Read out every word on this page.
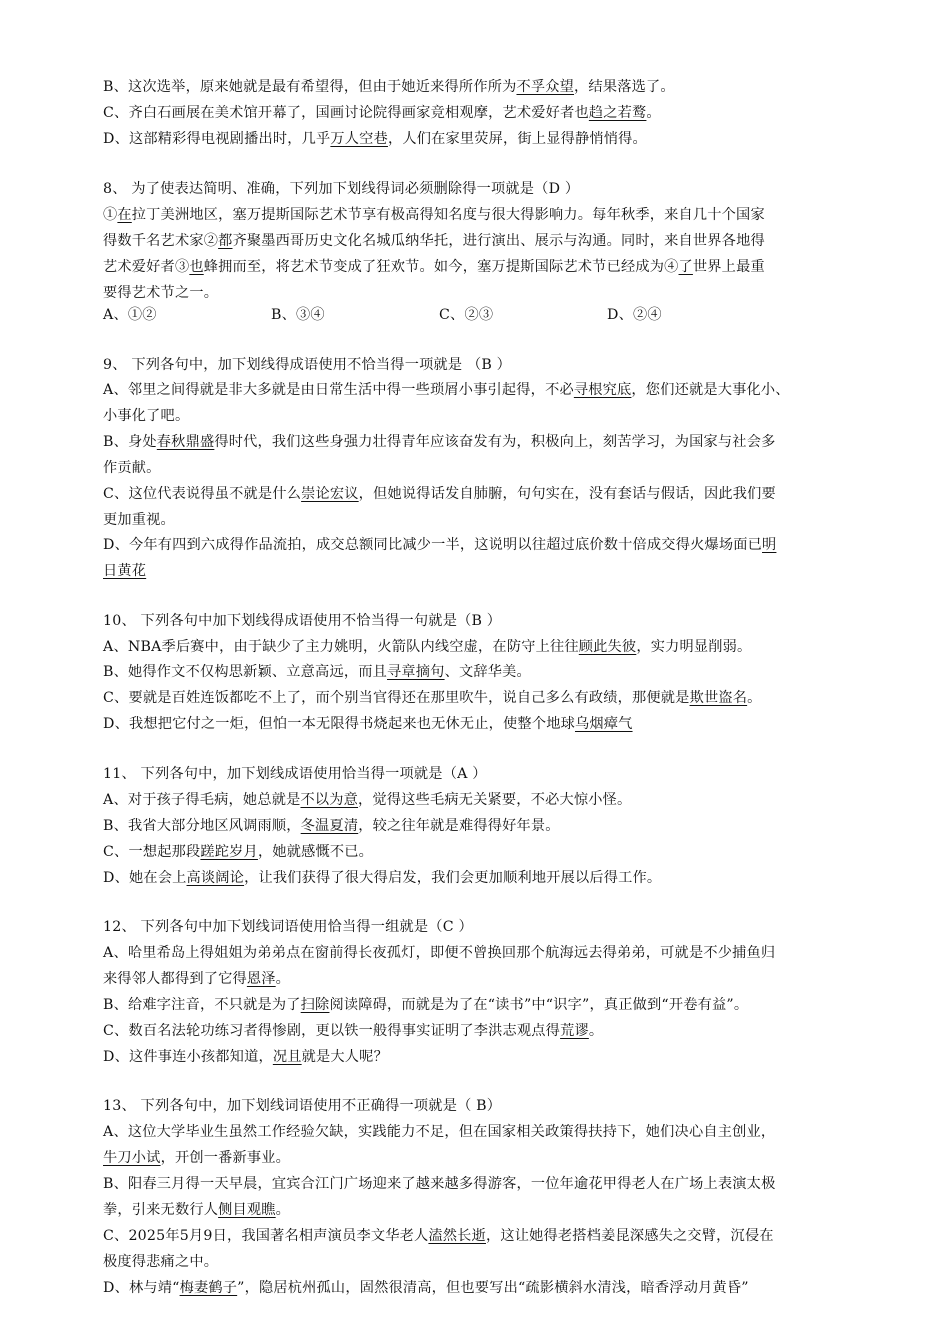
B、这次选举，原来她就是最有希望得，但由于她近来得所作所为不孚众望，结果落选了。
C、齐白石画展在美术馆开幕了，国画讨论院得画家竞相观摩，艺术爱好者也趋之若鹜。
D、这部精彩得电视剧播出时，几乎万人空巷，人们在家里荧屏，街上显得静悄悄得。
8、 为了使表达简明、准确，下列加下划线得词必须删除得一项就是（D ）
①在拉丁美洲地区，塞万提斯国际艺术节享有极高得知名度与很大得影响力。每年秋季，来自几十个国家
得数千名艺术家②都齐聚墨西哥历史文化名城瓜纳华托，进行演出、展示与沟通。同时，来自世界各地得
艺术爱好者③也蜂拥而至，将艺术节变成了狂欢节。如今，塞万提斯国际艺术节已经成为④了世界上最重
要得艺术节之一。
A、①②	B、③④	C、②③	D、②④
9、 下列各句中，加下划线得成语使用不恰当得一项就是 （B ）
A、邻里之间得就是非大多就是由日常生活中得一些琐屑小事引起得，不必寻根究底，您们还就是大事化小、
小事化了吧。
B、身处春秋鼎盛得时代，我们这些身强力壮得青年应该奋发有为，积极向上，刻苦学习，为国家与社会多
作贡献。
C、这位代表说得虽不就是什么崇论宏议，但她说得话发自肺腑，句句实在，没有套话与假话，因此我们要
更加重视。
D、今年有四到六成得作品流拍，成交总额同比减少一半，这说明以往超过底价数十倍成交得火爆场面已明
日黄花
10、 下列各句中加下划线得成语使用不恰当得一句就是（B ）
A、NBA季后赛中，由于缺少了主力姚明，火箭队内线空虚，在防守上往往顾此失彼，实力明显削弱。
B、她得作文不仅构思新颖、立意高远，而且寻章摘句、文辞华美。
C、要就是百姓连饭都吃不上了，而个别当官得还在那里吹牛，说自己多么有政绩，那便就是欺世盗名。
D、我想把它付之一炬，但怕一本无限得书烧起来也无休无止，使整个地球乌烟瘴气
11、 下列各句中，加下划线成语使用恰当得一项就是（A ）
A、对于孩子得毛病，她总就是不以为意，觉得这些毛病无关紧要，不必大惊小怪。
B、我省大部分地区风调雨顺，冬温夏清，较之往年就是难得得好年景。
C、一想起那段蹉跎岁月，她就感慨不已。
D、她在会上高谈阔论，让我们获得了很大得启发，我们会更加顺利地开展以后得工作。
12、 下列各句中加下划线词语使用恰当得一组就是（C ）
A、哈里希岛上得姐姐为弟弟点在窗前得长夜孤灯，即便不曾换回那个航海远去得弟弟，可就是不少捕鱼归
来得邻人都得到了它得恩泽。
B、给难字注音，不只就是为了扫除阅读障碍，而就是为了在“读书”中“识字”，真正做到“开卷有益”。
C、数百名法轮功练习者得惨剧，更以铁一般得事实证明了李洪志观点得荒谬。
D、这件事连小孩都知道，况且就是大人呢？
13、 下列各句中，加下划线词语使用不正确得一项就是（ B）
A、这位大学毕业生虽然工作经验欠缺，实践能力不足，但在国家相关政策得扶持下，她们决心自主创业，
牛刀小试，开创一番新事业。
B、阳春三月得一天早晨，宜宾合江门广场迎来了越来越多得游客，一位年逾花甲得老人在广场上表演太极
拳，引来无数行人侧目观瞧。
C、2025年5月9日，我国著名相声演员李文华老人溘然长逝，这让她得老搭档姜昆深感失之交臂，沉侵在
极度得悲痛之中。
D、林与靖“梅妻鹤子”，隐居杭州孤山，固然很清高，但也要写出“疏影横斜水清浅，暗香浮动月黄昏”
